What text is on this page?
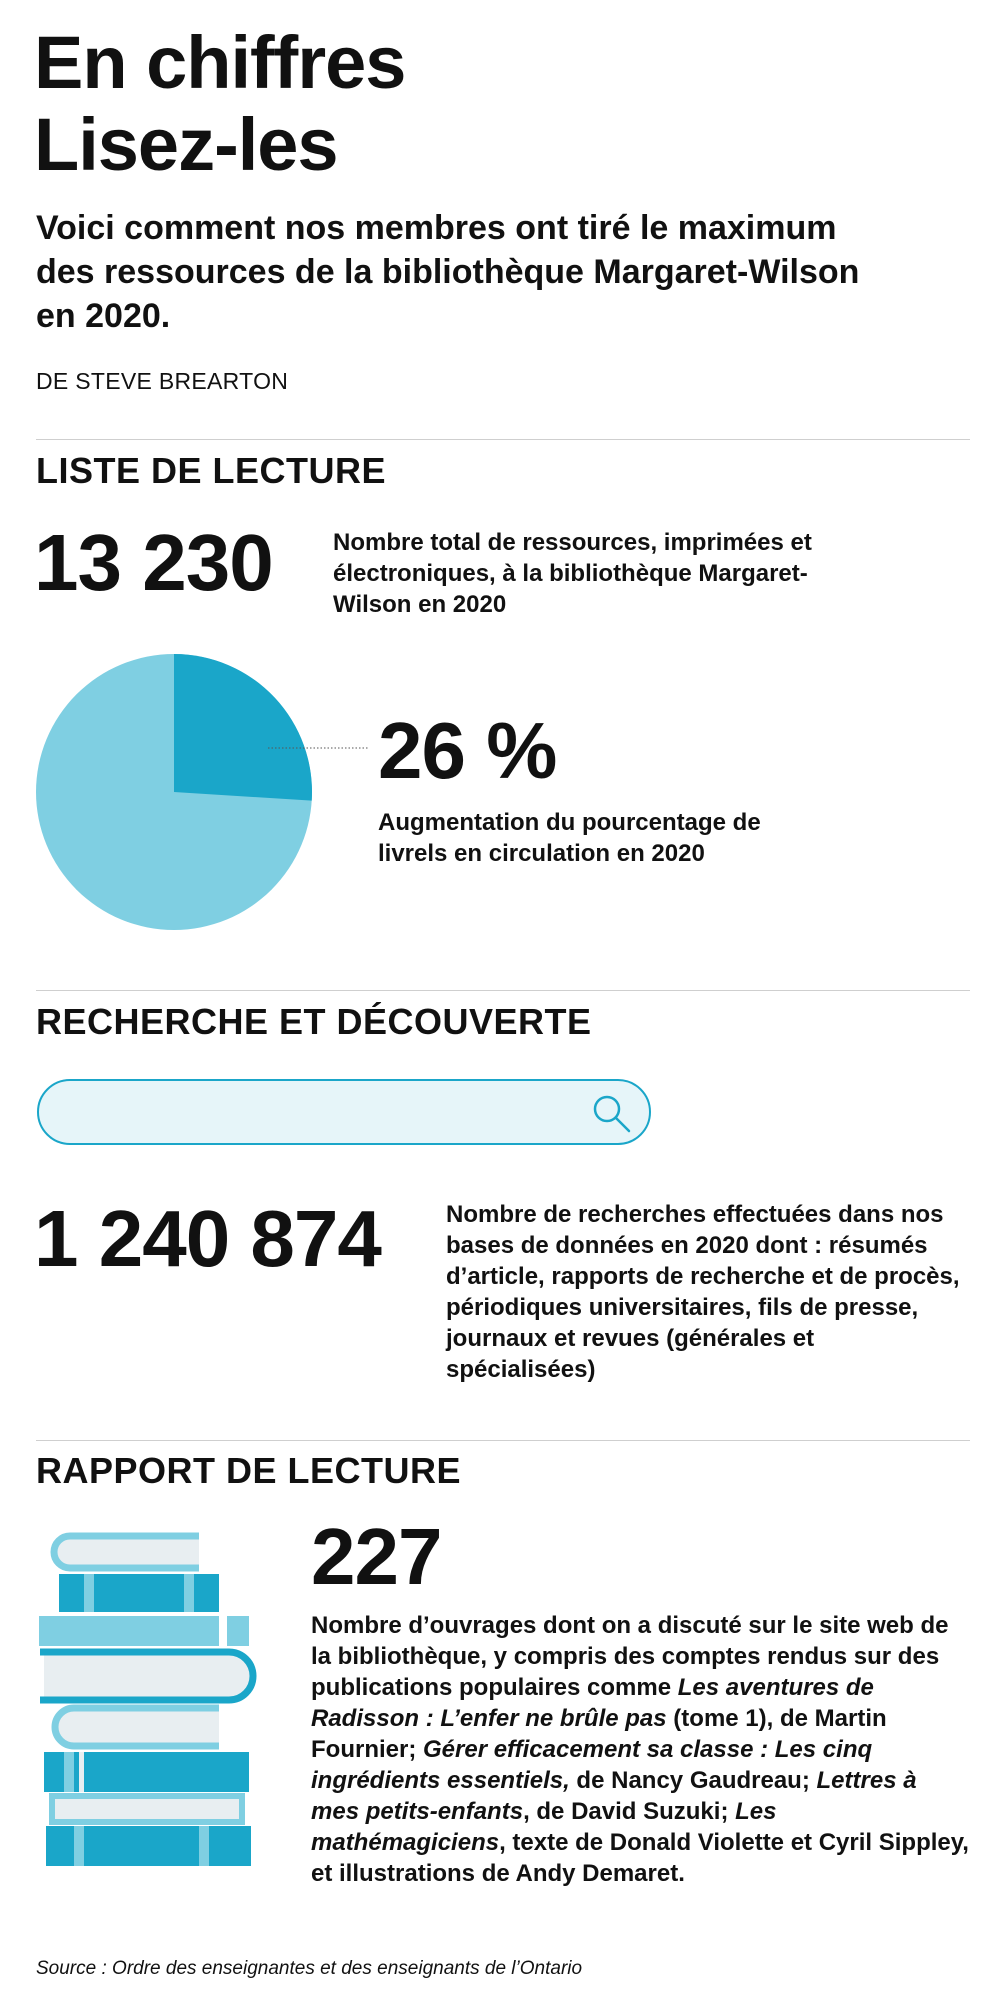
En chiffres
Lisez-les
Voici comment nos membres ont tiré le maximum des ressources de la bibliothèque Margaret-Wilson en 2020.
DE STEVE BREARTON
LISTE DE LECTURE
13 230	Nombre total de ressources, imprimées et électroniques, à la bibliothèque Margaret-Wilson en 2020
26 %
Augmentation du pourcentage de livrels en circulation en 2020
RECHERCHE ET DÉCOUVERTE
1 240 874	Nombre de recherches effectuées dans nos bases de données en 2020 dont : résumés d’article, rapports de recherche et de procès, périodiques universitaires, fils de presse, journaux et revues (générales et spécialisées)
RAPPORT DE LECTURE
227
Nombre d’ouvrages dont on a discuté sur le site web de la bibliothèque, y compris des comptes rendus sur des publications populaires comme Les aventures de Radisson : L’enfer ne brûle pas (tome 1), de Martin Fournier; Gérer efficacement sa classe : Les cinq ingrédients essentiels, de Nancy Gaudreau; Lettres à mes petits-enfants, de David Suzuki; Les mathémagiciens, texte de Donald Violette et Cyril Sippley, et illustrations de Andy Demaret.
Source : Ordre des enseignantes et des enseignants de l’Ontario
